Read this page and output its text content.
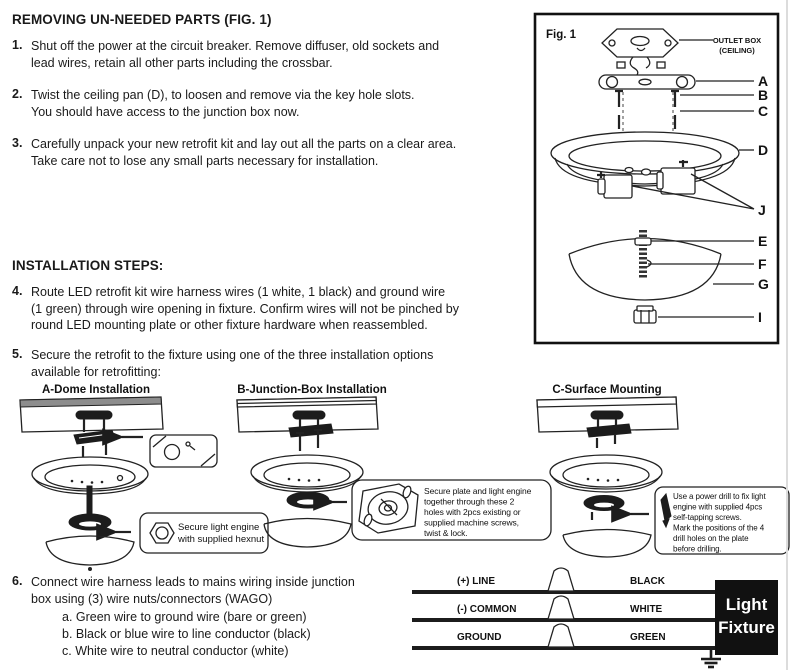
REMOVING UN-NEEDED PARTS (FIG. 1)
1. Shut off the power at the circuit breaker. Remove diffuser, old sockets and
lead wires, retain all other parts including the crossbar.
2. Twist the ceiling pan (D), to loosen and remove via the key hole slots.
You should have access to the junction box now.
3. Carefully unpack your new retrofit kit and lay out all the parts on a clear area.
Take care not to lose any small parts necessary for installation.
INSTALLATION STEPS:
4. Route LED retrofit kit wire harness wires (1 white, 1 black) and ground wire
(1 green) through wire opening in fixture. Confirm wires will not be pinched by
round LED mounting plate or other fixture hardware when reassembled.
5. Secure the retrofit to the fixture using one of the three installation options
available for retrofitting:
6. Connect wire harness leads to mains wiring inside junction
box using (3) wire nuts/connectors (WAGO)
a. Green wire to ground wire (bare or green)
b. Black or blue wire to line conductor (black)
c. White wire to neutral conductor (white)
Fig. 1	OUTLET BOX
(CEILING)
A
B
C
D
J
E
F
G
I
A-Dome Installation	B-Junction-Box Installation	C-Surface Mounting
Secure light engine
with supplied hexnut
Secure plate and light engine
together through these 2
holes with 2pcs existing or
supplied machine screws,
twist & lock.
Use a power drill to fix light
engine with supplied 4pcs
self-tapping screws.
Mark the positions of the 4
drill holes on the plate
before drilling.
(+) LINE	BLACK
(-) COMMON	WHITE
GROUND	GREEN
Light
Fixture
